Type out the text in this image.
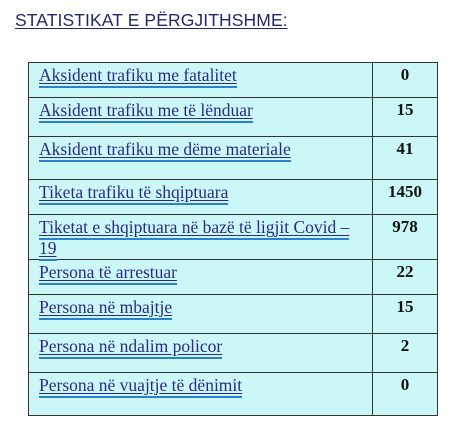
STATISTIKAT E PËRGJITHSHME:
Aksident trafiku me fatalitet	0
Aksident trafiku me të lënduar	15
Aksident trafiku me dëme materiale	41
Tiketa trafiku të shqiptuara	1450
Tiketat e shqiptuara në bazë të ligjit Covid – 19	978
Persona të arrestuar	22
Persona në mbajtje	15
Persona në ndalim policor	2
Persona në vuajtje të dënimit	0
